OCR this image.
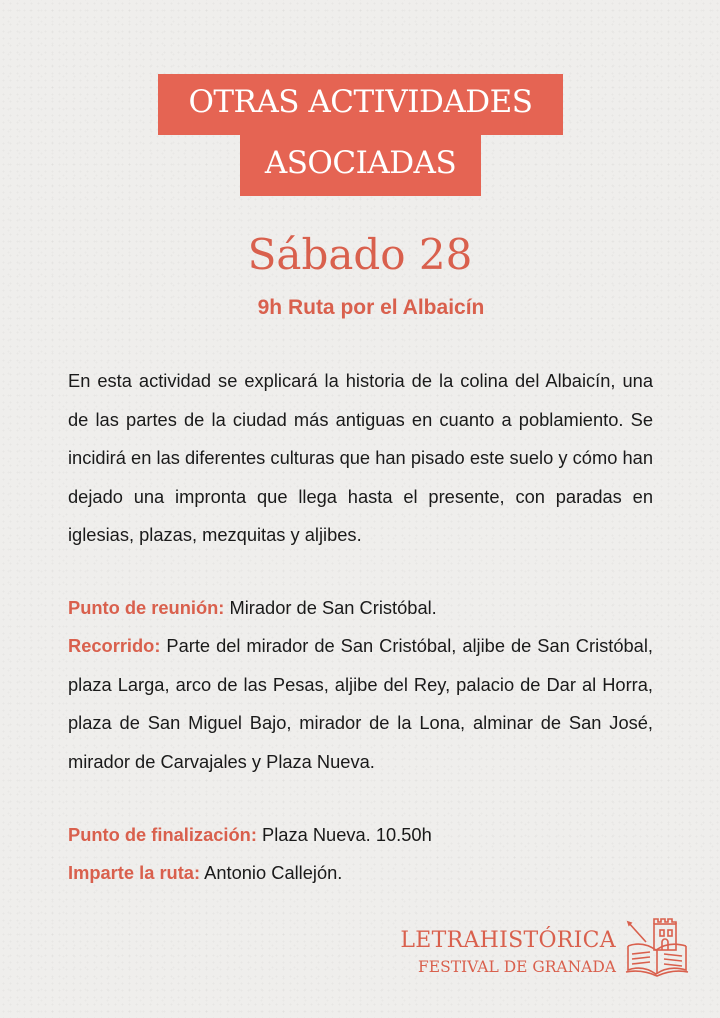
OTRAS ACTIVIDADES
ASOCIADAS
Sábado 28
9h Ruta por el Albaicín

En esta actividad se explicará la historia de la colina del Albaicín, una de las partes de la ciudad más antiguas en cuanto a poblamiento. Se incidirá en las diferentes culturas que han pisado este suelo y cómo han dejado una impronta que llega hasta el presente, con paradas en iglesias, plazas, mezquitas y aljibes.

Punto de reunión: Mirador de San Cristóbal.

Recorrido: Parte del mirador de San Cristóbal, aljibe de San Cristóbal, plaza Larga, arco de las Pesas, aljibe del Rey, palacio de Dar al Horra, plaza de San Miguel Bajo, mirador de la Lona, alminar de San José, mirador de Carvajales y Plaza Nueva.

Punto de finalización: Plaza Nueva. 10.50h

Imparte la ruta: Antonio Callejón.

LETRAHISTÓRICA
FESTIVAL DE GRANADA
